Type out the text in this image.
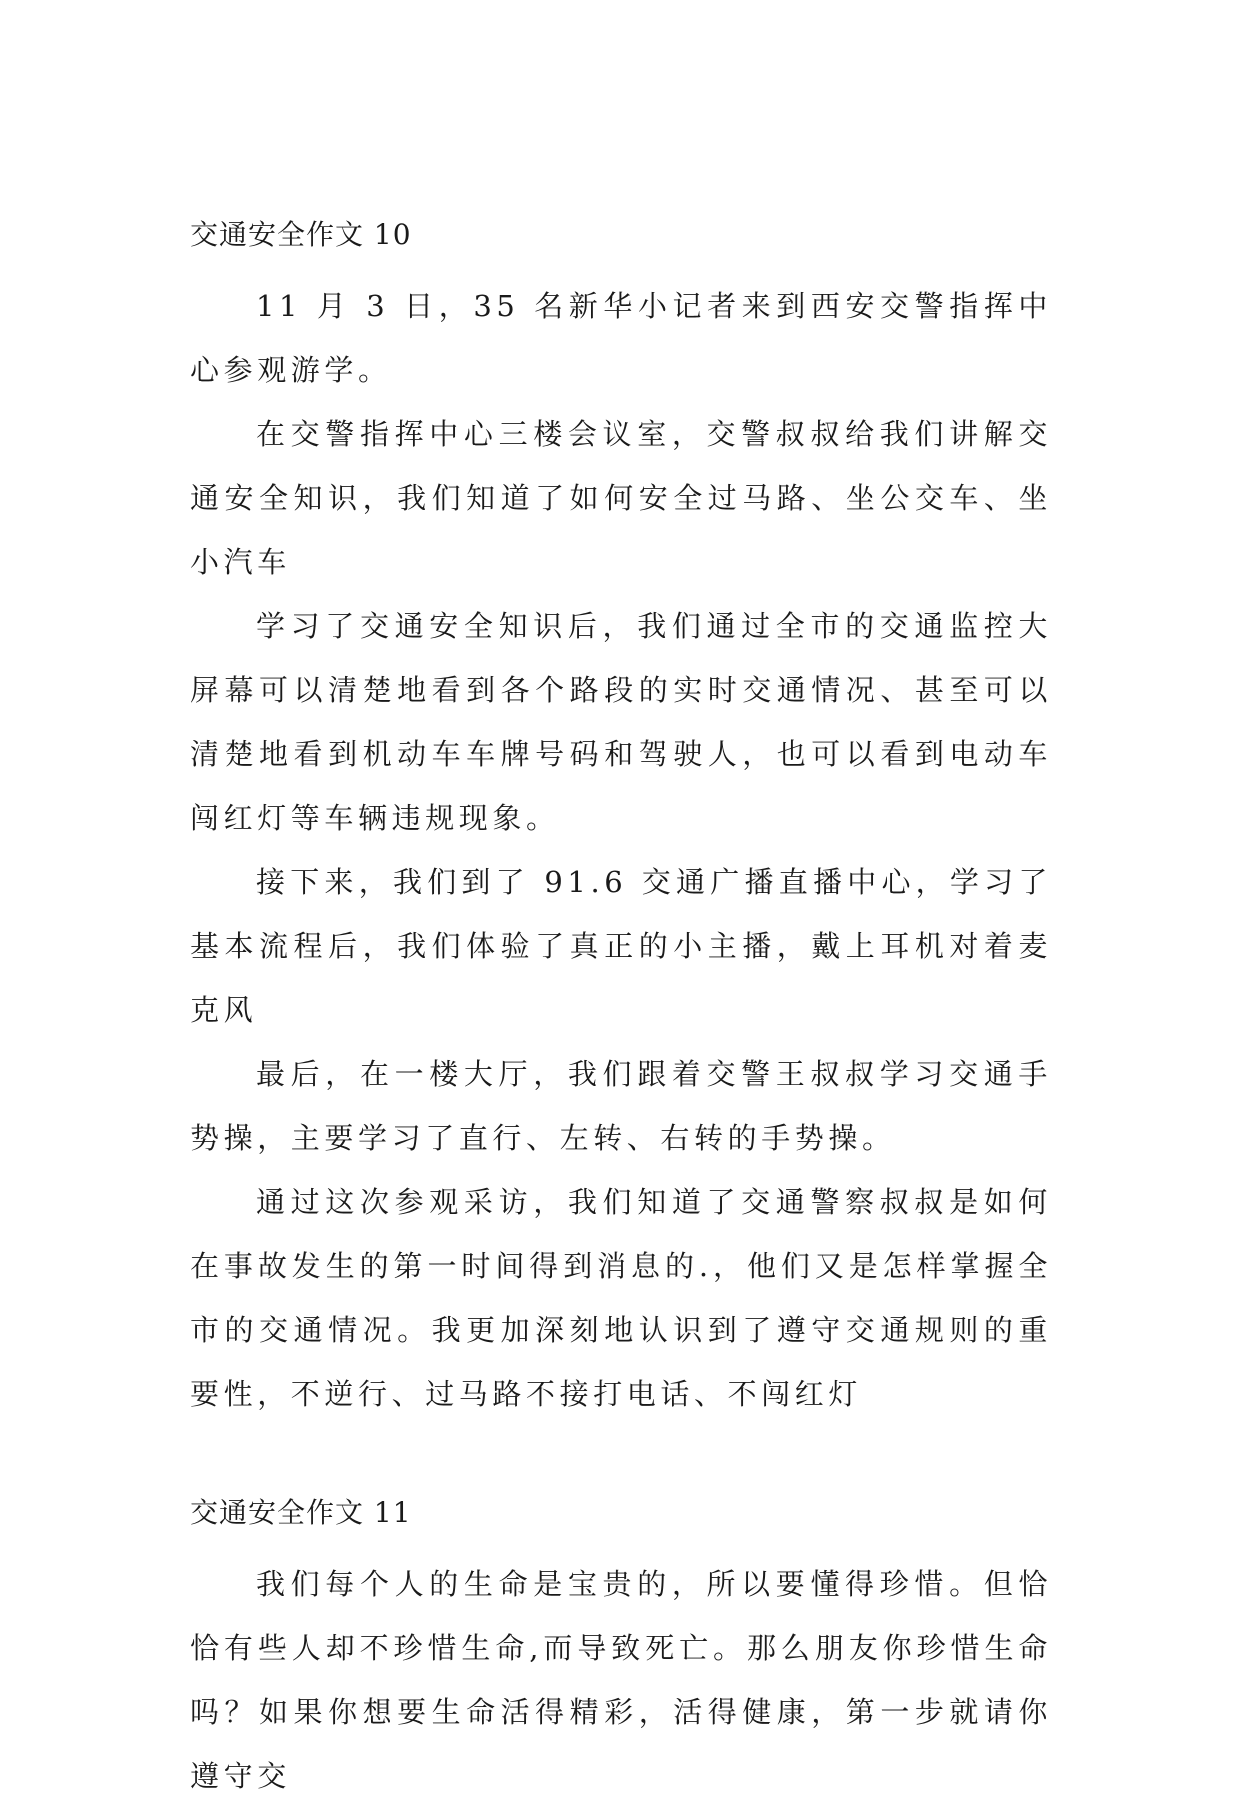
交通安全作文 10

11 月 3 日，35 名新华小记者来到西安交警指挥中心参观游学。

在交警指挥中心三楼会议室，交警叔叔给我们讲解交通安全知识，我们知道了如何安全过马路、坐公交车、坐小汽车

学习了交通安全知识后，我们通过全市的交通监控大屏幕可以清楚地看到各个路段的实时交通情况、甚至可以清楚地看到机动车车牌号码和驾驶人，也可以看到电动车闯红灯等车辆违规现象。

接下来，我们到了 91.6 交通广播直播中心，学习了基本流程后，我们体验了真正的小主播，戴上耳机对着麦克风

最后，在一楼大厅，我们跟着交警王叔叔学习交通手势操，主要学习了直行、左转、右转的手势操。

通过这次参观采访，我们知道了交通警察叔叔是如何在事故发生的第一时间得到消息的.，他们又是怎样掌握全市的交通情况。我更加深刻地认识到了遵守交通规则的重要性，不逆行、过马路不接打电话、不闯红灯

交通安全作文 11

我们每个人的生命是宝贵的，所以要懂得珍惜。但恰恰有些人却不珍惜生命,而导致死亡。那么朋友你珍惜生命吗？如果你想要生命活得精彩，活得健康，第一步就请你遵守交
